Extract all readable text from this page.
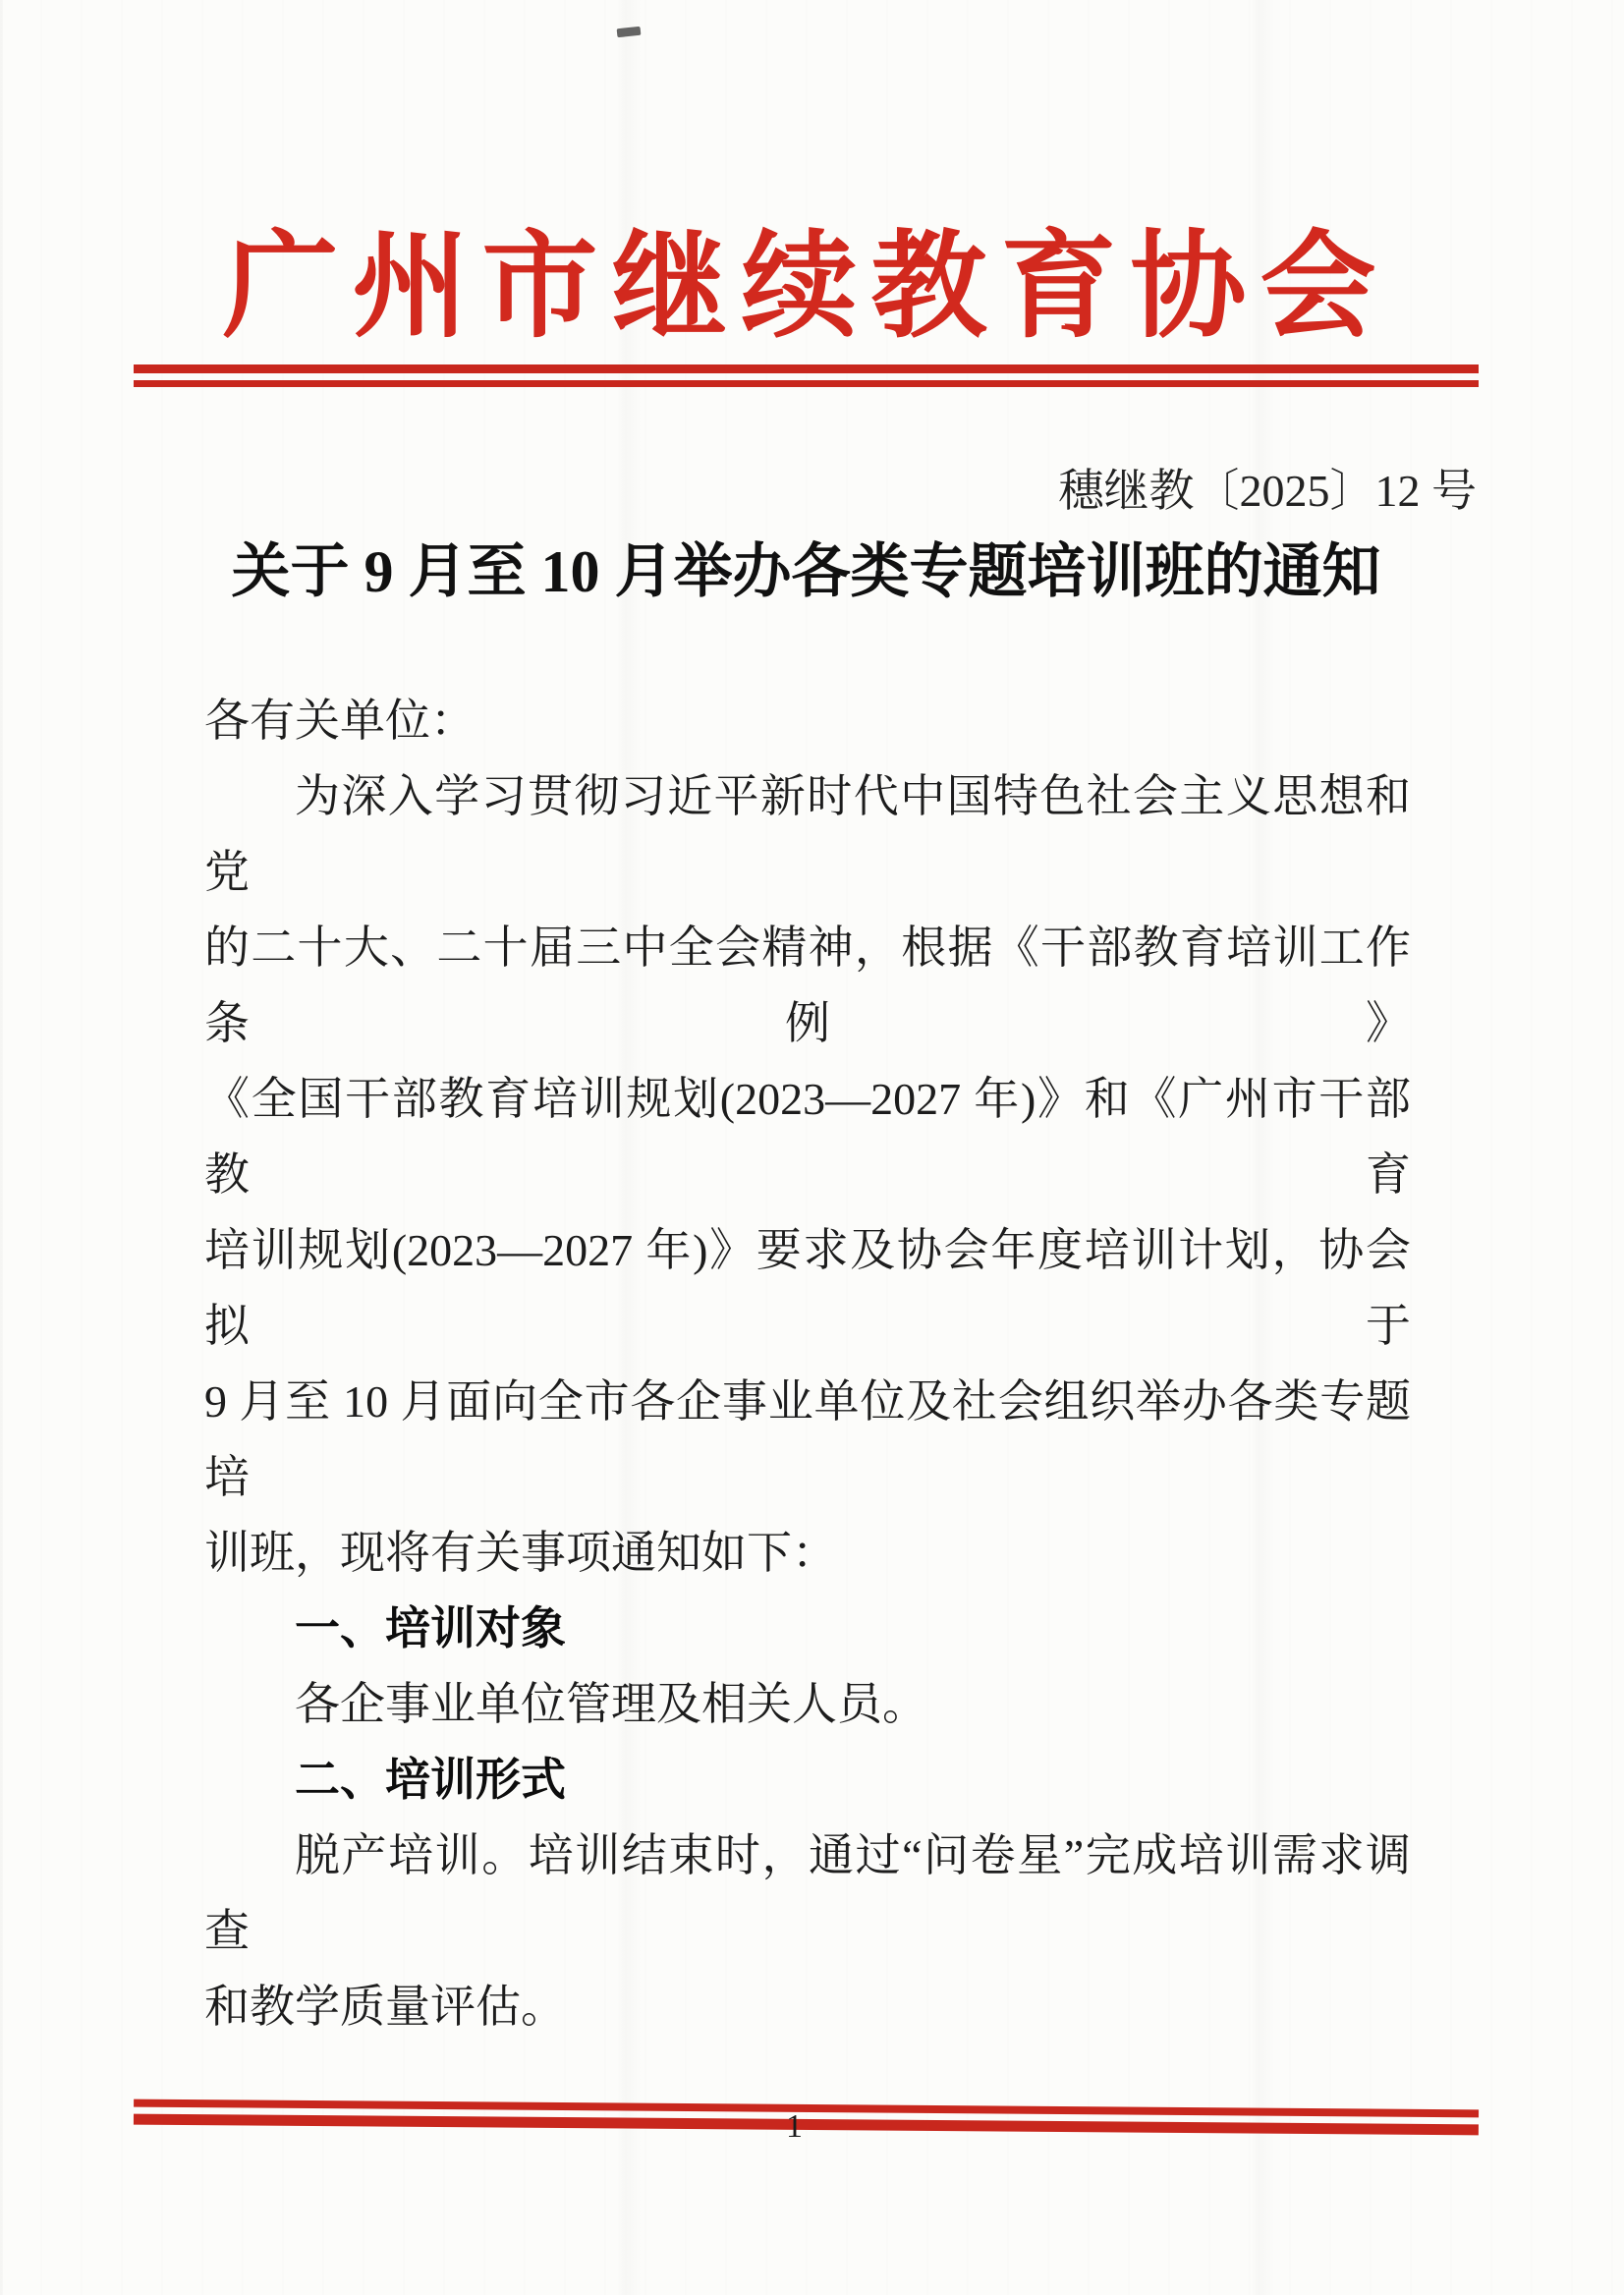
广州市继续教育协会
穗继教〔2025〕12 号
关于 9 月至 10 月举办各类专题培训班的通知
各有关单位：
为深入学习贯彻习近平新时代中国特色社会主义思想和党
的二十大、二十届三中全会精神，根据《干部教育培训工作条例》
《全国干部教育培训规划(2023—2027 年)》和《广州市干部教育
培训规划(2023—2027 年)》要求及协会年度培训计划，协会拟于
9 月至 10 月面向全市各企事业单位及社会组织举办各类专题培
训班，现将有关事项通知如下：
一、培训对象
各企事业单位管理及相关人员。
二、培训形式
脱产培训。培训结束时，通过“问卷星”完成培训需求调查
和教学质量评估。
1
